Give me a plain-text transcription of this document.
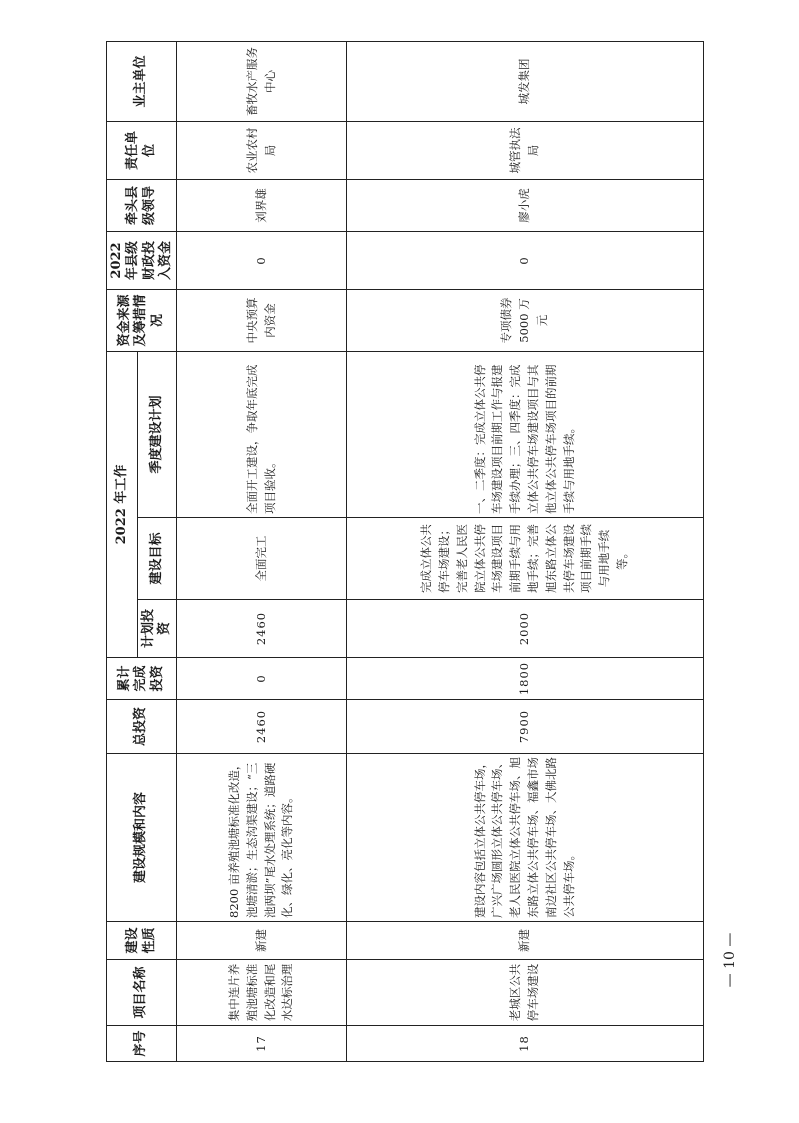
序号	项目名称	建设性质	建设规模和内容	总投资	累计完成投资	2022 年工作			资金来源及筹措情况	2022 年县级财政投入资金	牵头县级领导	责任单位	业主单位
						计划投资	建设目标	季度建设计划					
17	集中连片养殖池塘标准化改造和尾水达标治理	新建	8200 亩养殖池塘标准化改造，池塘清淤；生态沟渠建设；“三池两坝”尾水处理系统；道路硬化、绿化、亮化等内容。	2460	0	2460	全面完工	全面开工建设，争取年底完成项目验收。	中央预算内资金	0	刘界雄	农业农村局	畜牧水产服务中心
18	老城区公共停车场建设	新建	建设内容包括立体公共停车场，广兴广场圆形立体公共停车场、老人民医院立体公共停车场、旭东路立体公共停车场、福鑫市场南边社区公共停车场、大佛北路公共停车场。	7900	1800	2000	完成立体公共停车场建设；完善老人民医院立体公共停车场建设项目前期手续与用地手续；完善旭东路立体公共停车场建设项目前期手续与用地手续等。	一、二季度：完成立体公共停车场建设项目前期工作与报建手续办理；三、四季度：完成立体公共停车场建设项目与其他立体公共停车场项目的前期手续与用地手续。	专项债券5000 万元	0	廖小虎	城管执法局	城发集团
— 10 —
